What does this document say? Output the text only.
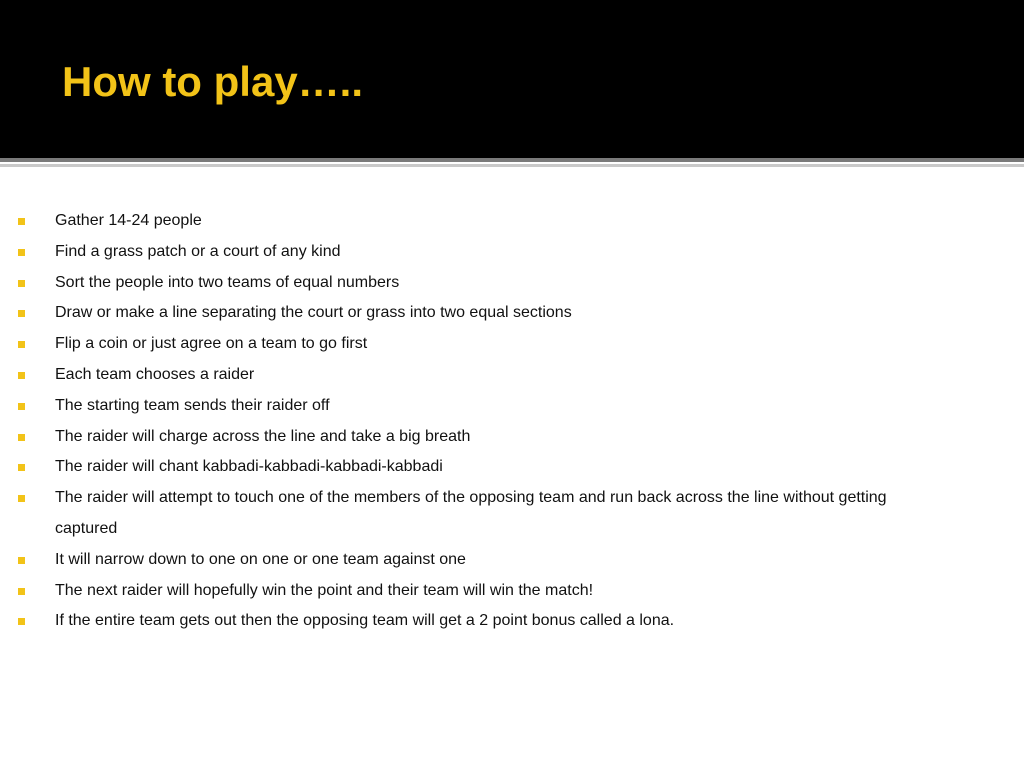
How to play…..
Gather 14-24 people
Find a grass patch or a court of any kind
Sort the people into two teams of equal numbers
Draw or make a line separating the court or grass into two equal sections
Flip a coin or just agree on a team to go first
Each team chooses a raider
The starting team sends their raider off
The raider will charge across the line and take a big breath
The raider will chant kabbadi-kabbadi-kabbadi-kabbadi
The raider will attempt to touch one of the members of the opposing team and run back across the line without getting captured
It will narrow down to one on one or one team against one
The next raider will hopefully win the point and their team will win the match!
If the entire team gets out then the opposing team will get a 2 point bonus called a lona.
